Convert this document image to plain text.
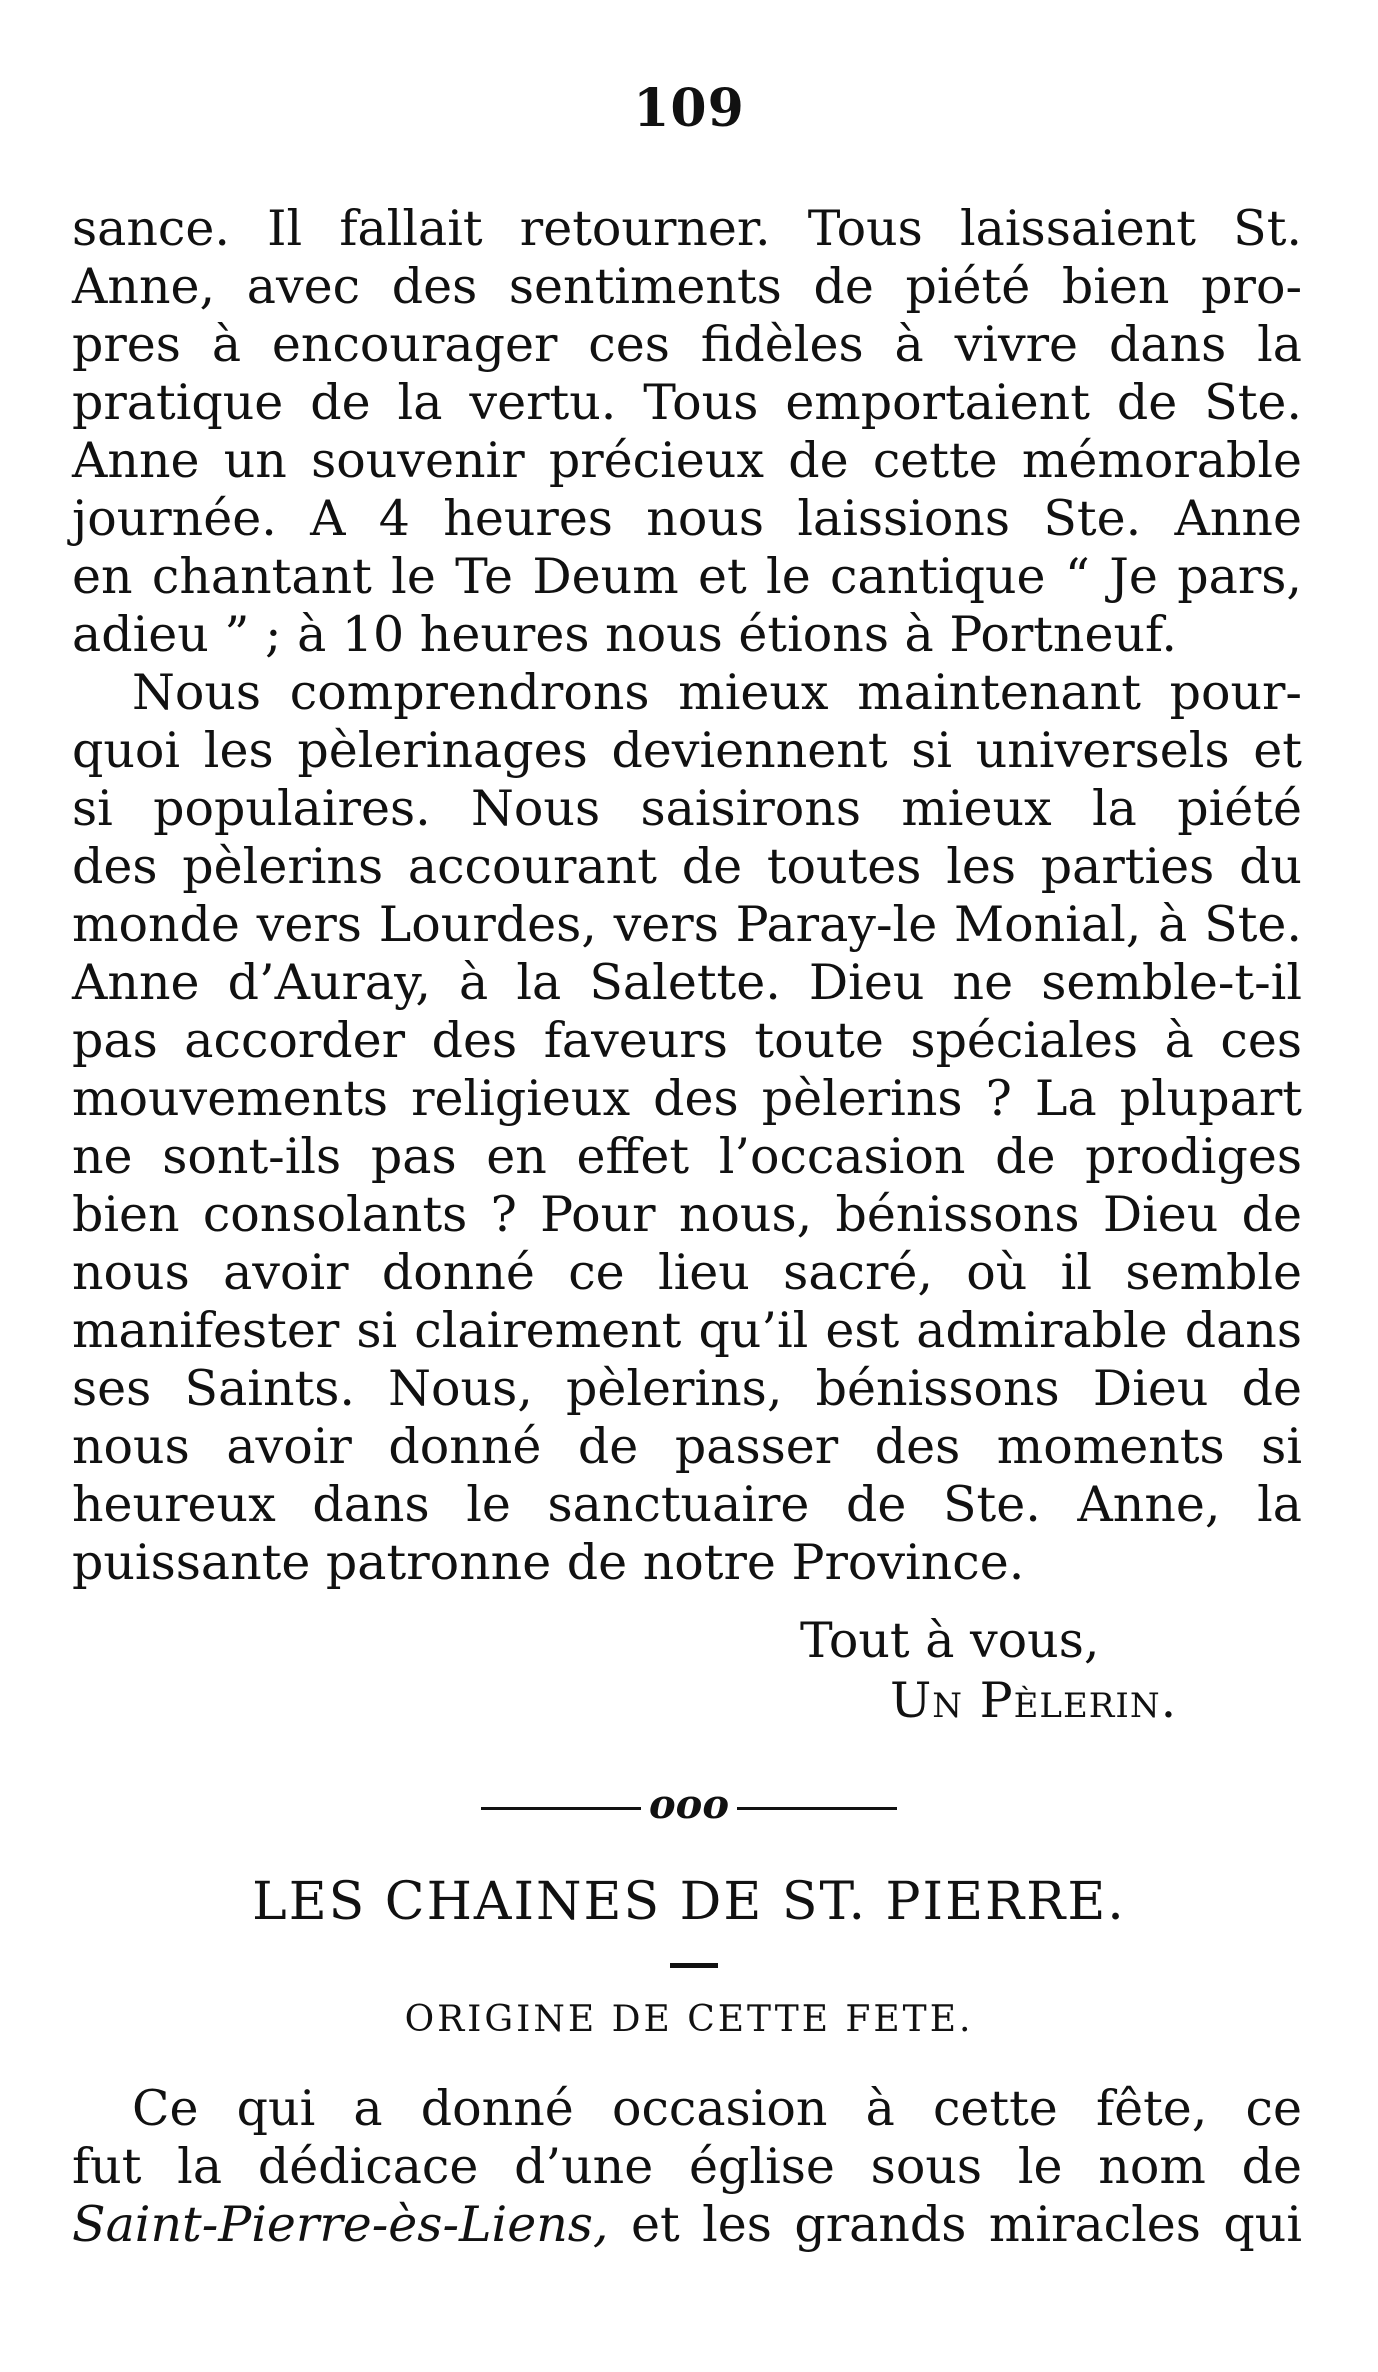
109
sance. Il fallait retourner. Tous laissaient St.
Anne, avec des sentiments de piété bien pro-
pres à encourager ces fidèles à vivre dans la
pratique de la vertu. Tous emportaient de Ste.
Anne un souvenir précieux de cette mémorable
journée. A 4 heures nous laissions Ste. Anne
en chantant le Te Deum et le cantique “ Je pars,
adieu ” ; à 10 heures nous étions à Portneuf.
Nous comprendrons mieux maintenant pour-
quoi les pèlerinages deviennent si universels et
si populaires. Nous saisirons mieux la piété
des pèlerins accourant de toutes les parties du
monde vers Lourdes, vers Paray-le Monial, à Ste.
Anne d’Auray, à la Salette. Dieu ne semble-t-il
pas accorder des faveurs toute spéciales à ces
mouvements religieux des pèlerins ? La plupart
ne sont-ils pas en effet l’occasion de prodiges
bien consolants ? Pour nous, bénissons Dieu de
nous avoir donné ce lieu sacré, où il semble
manifester si clairement qu’il est admirable dans
ses Saints. Nous, pèlerins, bénissons Dieu de
nous avoir donné de passer des moments si
heureux dans le sanctuaire de Ste. Anne, la
puissante patronne de notre Province.
Tout à vous,
Un Pèlerin.
ooo
LES CHAINES DE ST. PIERRE.
ORIGINE DE CETTE FETE.
Ce qui a donné occasion à cette fête, ce
fut la dédicace d’une église sous le nom de
Saint-Pierre-ès-Liens, et les grands miracles qui
